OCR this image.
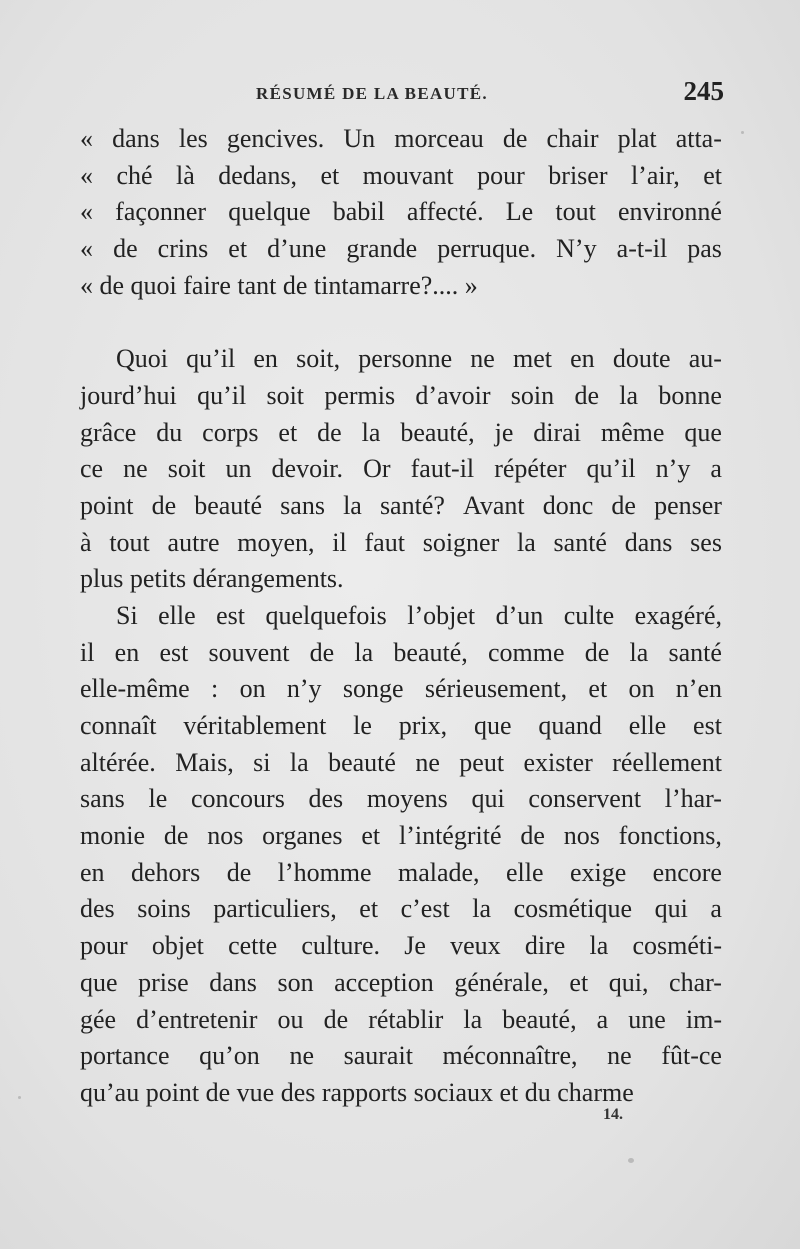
RÉSUMÉ DE LA BEAUTÉ.	245
« dans les gencives. Un morceau de chair plat atta-
« ché là dedans, et mouvant pour briser l’air, et
« façonner quelque babil affecté. Le tout environné
« de crins et d’une grande perruque. N’y a-t-il pas
« de quoi faire tant de tintamarre?.... »
Quoi qu’il en soit, personne ne met en doute au-
jourd’hui qu’il soit permis d’avoir soin de la bonne
grâce du corps et de la beauté, je dirai même que
ce ne soit un devoir. Or faut-il répéter qu’il n’y a
point de beauté sans la santé? Avant donc de penser
à tout autre moyen, il faut soigner la santé dans ses
plus petits dérangements.
Si elle est quelquefois l’objet d’un culte exagéré,
il en est souvent de la beauté, comme de la santé
elle-même : on n’y songe sérieusement, et on n’en
connaît véritablement le prix, que quand elle est
altérée. Mais, si la beauté ne peut exister réellement
sans le concours des moyens qui conservent l’har-
monie de nos organes et l’intégrité de nos fonctions,
en dehors de l’homme malade, elle exige encore
des soins particuliers, et c’est la cosmétique qui a
pour objet cette culture. Je veux dire la cosméti-
que prise dans son acception générale, et qui, char-
gée d’entretenir ou de rétablir la beauté, a une im-
portance qu’on ne saurait méconnaître, ne fût-ce
qu’au point de vue des rapports sociaux et du charme
14.
